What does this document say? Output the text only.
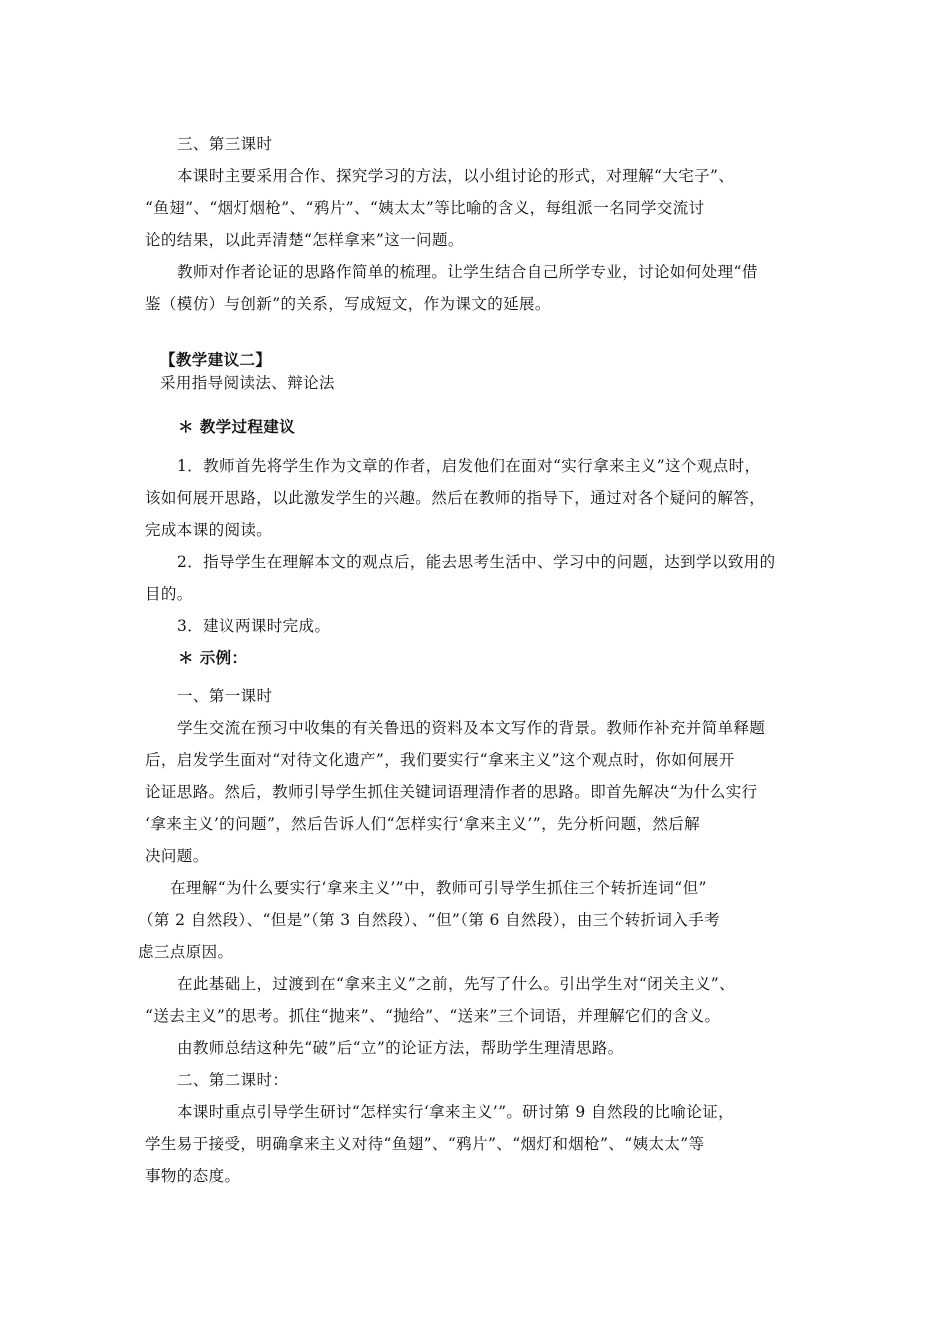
三、第三课时
本课时主要采用合作、探究学习的方法，以小组讨论的形式，对理解“大宅子”、
“鱼翅”、“烟灯烟枪”、“鸦片”、“姨太太”等比喻的含义，每组派一名同学交流讨
论的结果，以此弄清楚“怎样拿来”这一问题。
教师对作者论证的思路作简单的梳理。让学生结合自己所学专业，讨论如何处理“借
鉴（模仿）与创新”的关系，写成短文，作为课文的延展。
【教学建议二】
采用指导阅读法、辩论法
＊ 教学过程建议
1．教师首先将学生作为文章的作者，启发他们在面对“实行拿来主义”这个观点时，
该如何展开思路，以此激发学生的兴趣。然后在教师的指导下，通过对各个疑问的解答，
完成本课的阅读。
2．指导学生在理解本文的观点后，能去思考生活中、学习中的问题，达到学以致用的
目的。
3．建议两课时完成。
＊ 示例：
一、第一课时
学生交流在预习中收集的有关鲁迅的资料及本文写作的背景。教师作补充并简单释题
后，启发学生面对“对待文化遗产”，我们要实行“拿来主义”这个观点时，你如何展开
论证思路。然后，教师引导学生抓住关键词语理清作者的思路。即首先解决“为什么实行
‘拿来主义’的问题”，然后告诉人们“怎样实行‘拿来主义’”，先分析问题，然后解
决问题。
在理解“为什么要实行‘拿来主义’”中，教师可引导学生抓住三个转折连词“但”
（第 2 自然段）、“但是”（第 3 自然段）、“但”（第 6 自然段），由三个转折词入手考
虑三点原因。
在此基础上，过渡到在“拿来主义”之前，先写了什么。引出学生对“闭关主义”、
“送去主义”的思考。抓住“抛来”、“抛给”、“送来”三个词语，并理解它们的含义。
由教师总结这种先“破”后“立”的论证方法，帮助学生理清思路。
二、第二课时：
本课时重点引导学生研讨“怎样实行‘拿来主义’”。研讨第 9 自然段的比喻论证，
学生易于接受，明确拿来主义对待“鱼翅”、“鸦片”、“烟灯和烟枪”、“姨太太”等
事物的态度。
